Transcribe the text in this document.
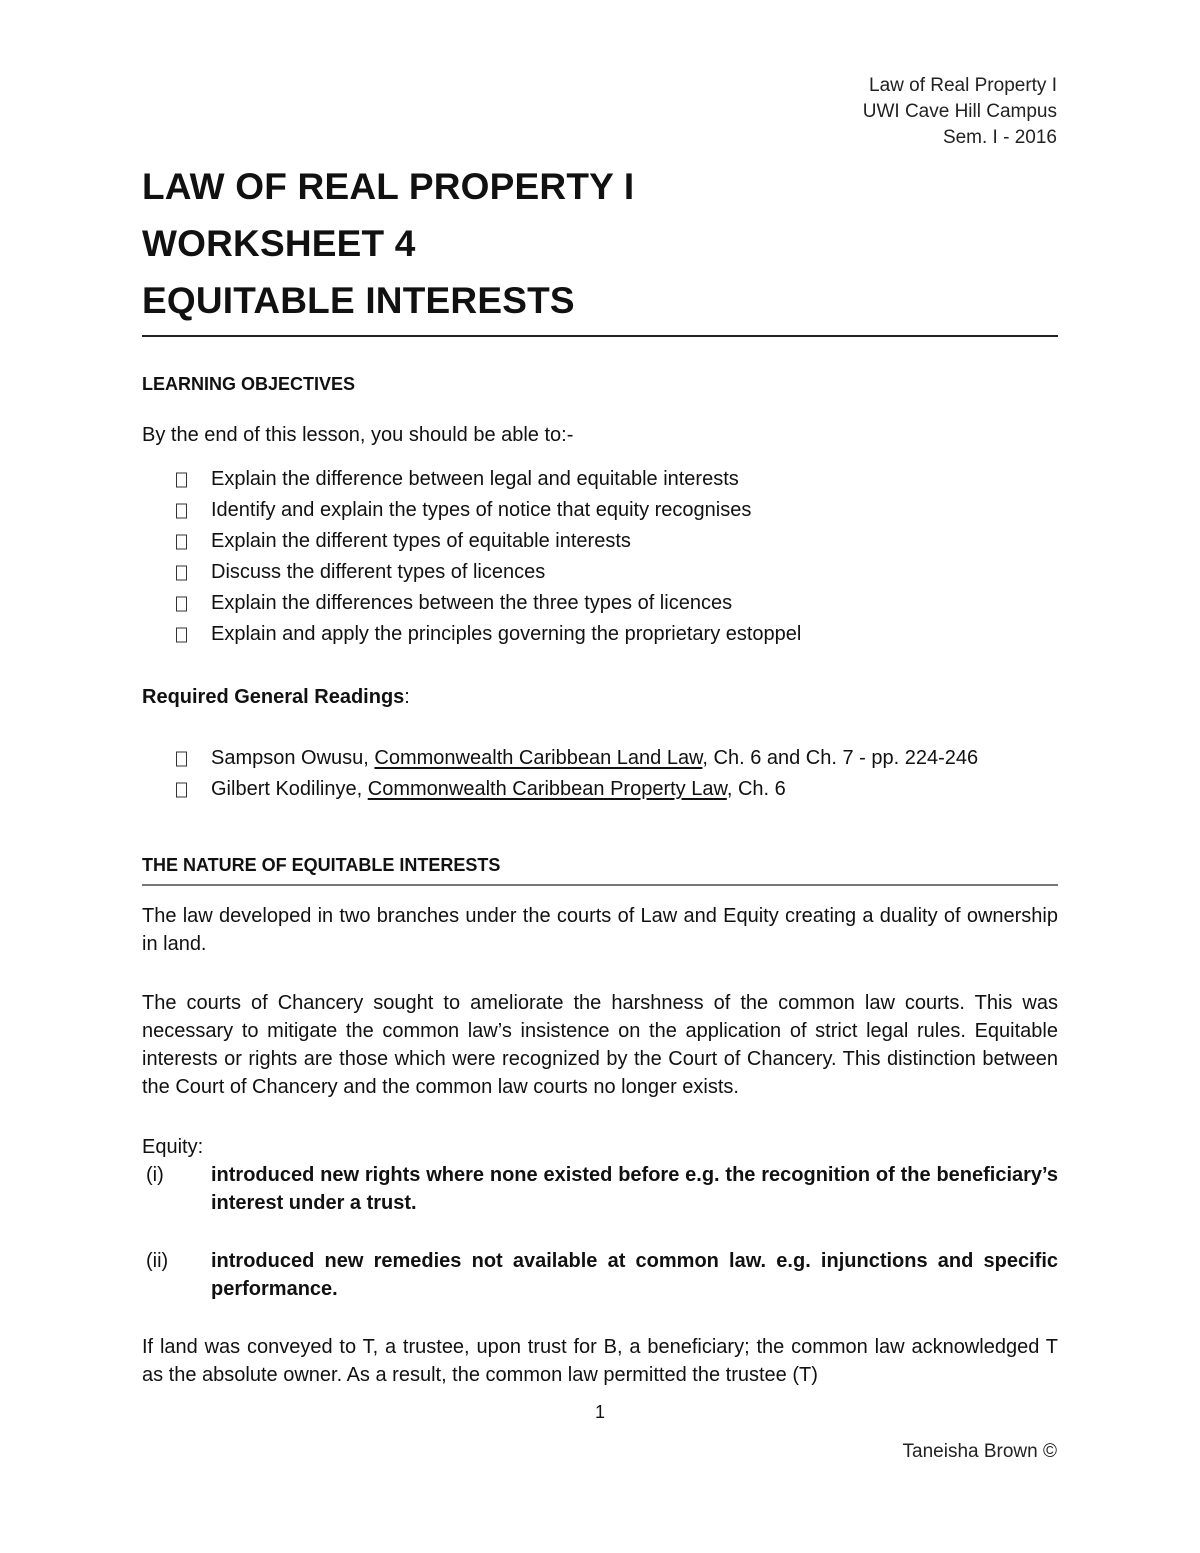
Law of Real Property I
UWI Cave Hill Campus
Sem. I - 2016
LAW OF REAL PROPERTY I
WORKSHEET 4
EQUITABLE INTERESTS
LEARNING OBJECTIVES
By the end of this lesson, you should be able to:-
Explain the difference between legal and equitable interests
Identify and explain the types of notice that equity recognises
Explain the different types of equitable interests
Discuss the different types of licences
Explain the differences between the three types of licences
Explain and apply the principles governing the proprietary estoppel
Required General Readings:
Sampson Owusu, Commonwealth Caribbean Land Law, Ch. 6 and Ch. 7 - pp. 224-246
Gilbert Kodilinye, Commonwealth Caribbean Property Law, Ch. 6
THE NATURE OF EQUITABLE INTERESTS
The law developed in two branches under the courts of Law and Equity creating a duality of ownership in land.
The courts of Chancery sought to ameliorate the harshness of the common law courts. This was necessary to mitigate the common law’s insistence on the application of strict legal rules. Equitable interests or rights are those which were recognized by the Court of Chancery. This distinction between the Court of Chancery and the common law courts no longer exists.
Equity:
(i) introduced new rights where none existed before e.g. the recognition of the beneficiary’s interest under a trust.
(ii) introduced new remedies not available at common law. e.g. injunctions and specific performance.
If land was conveyed to T, a trustee, upon trust for B, a beneficiary; the common law acknowledged T as the absolute owner. As a result, the common law permitted the trustee (T)
1
Taneisha Brown ©
